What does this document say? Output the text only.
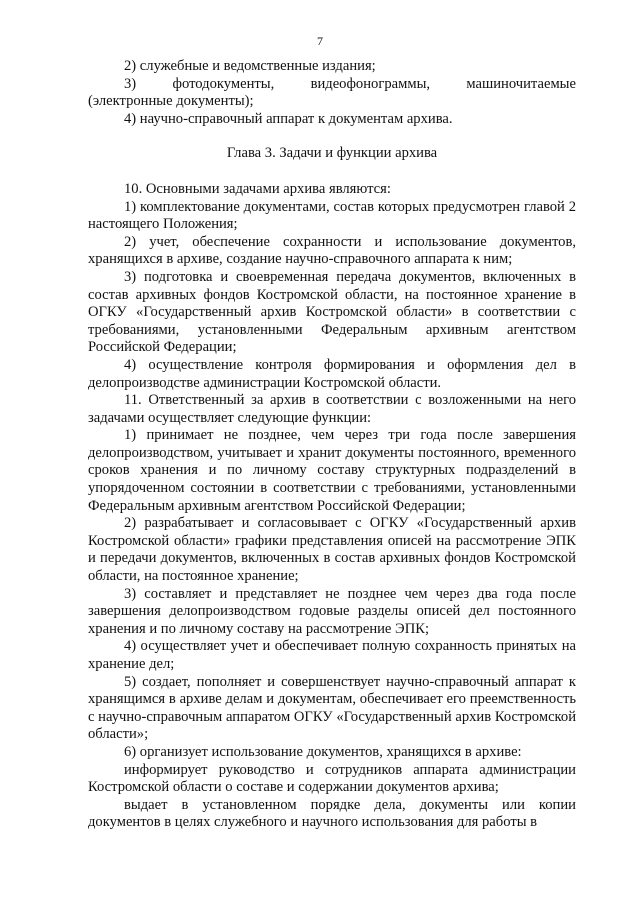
7

2) служебные и ведомственные издания;

3) фотодокументы, видеофонограммы, машиночитаемые

(электронные документы);

4) научно-справочный аппарат к документам архива.

Глава 3. Задачи и функции архива

10. Основными задачами архива являются:

1) комплектование документами, состав которых предусмотрен главой 2 настоящего Положения;

2) учет, обеспечение сохранности и использование документов, хранящихся в архиве, создание научно-справочного аппарата к ним;

3) подготовка и своевременная передача документов, включенных в состав архивных фондов Костромской области, на постоянное хранение в ОГКУ «Государственный архив Костромской области» в соответствии с требованиями, установленными Федеральным архивным агентством Российской Федерации;

4) осуществление контроля формирования и оформления дел в делопроизводстве администрации Костромской области.

11. Ответственный за архив в соответствии с возложенными на него задачами осуществляет следующие функции:

1) принимает не позднее, чем через три года после завершения делопроизводством, учитывает и хранит документы постоянного, временного сроков хранения и по личному составу структурных подразделений в упорядоченном состоянии в соответствии с требованиями, установленными Федеральным архивным агентством Российской Федерации;

2) разрабатывает и согласовывает с ОГКУ «Государственный архив Костромской области» графики представления описей на рассмотрение ЭПК и передачи документов, включенных в состав архивных фондов Костромской области, на постоянное хранение;

3) составляет и представляет не позднее чем через два года после завершения делопроизводством годовые разделы описей дел постоянного хранения и по личному составу на рассмотрение ЭПК;

4) осуществляет учет и обеспечивает полную сохранность принятых на хранение дел;

5) создает, пополняет и совершенствует научно-справочный аппарат к хранящимся в архиве делам и документам, обеспечивает его преемственность с научно-справочным аппаратом ОГКУ «Государственный архив Костромской области»;

6) организует использование документов, хранящихся в архиве:

информирует руководство и сотрудников аппарата администрации Костромской области о составе и содержании документов архива;

выдает в установленном порядке дела, документы или копии документов в целях служебного и научного использования для работы в
